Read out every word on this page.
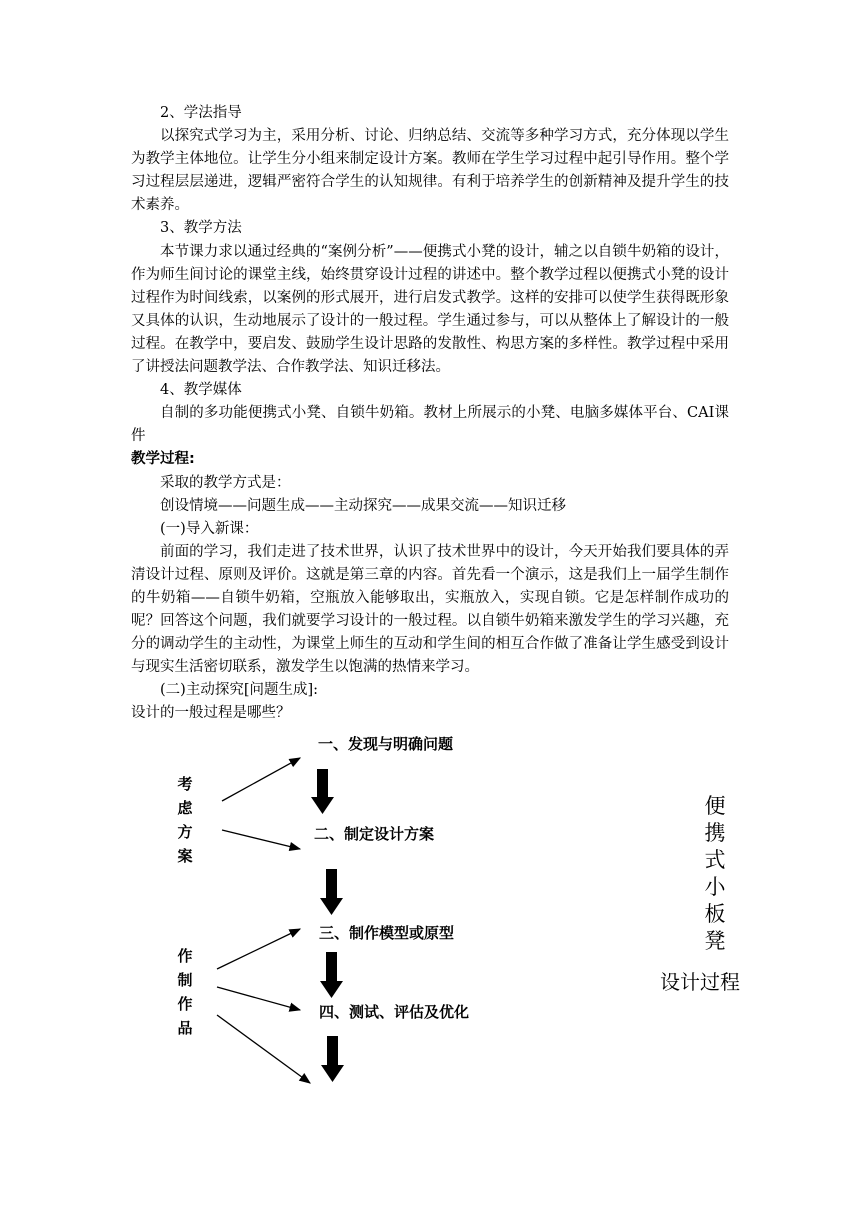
2、学法指导

以探究式学习为主，采用分析、讨论、归纳总结、交流等多种学习方式，充分体现以学生为教学主体地位。让学生分小组来制定设计方案。教师在学生学习过程中起引导作用。整个学习过程层层递进，逻辑严密符合学生的认知规律。有利于培养学生的创新精神及提升学生的技术素养。

3、教学方法

本节课力求以通过经典的“案例分析”——便携式小凳的设计，辅之以自锁牛奶箱的设计，作为师生间讨论的课堂主线，始终贯穿设计过程的讲述中。整个教学过程以便携式小凳的设计过程作为时间线索，以案例的形式展开，进行启发式教学。这样的安排可以使学生获得既形象又具体的认识，生动地展示了设计的一般过程。学生通过参与，可以从整体上了解设计的一般过程。在教学中，要启发、鼓励学生设计思路的发散性、构思方案的多样性。教学过程中采用了讲授法问题教学法、合作教学法、知识迁移法。

4、教学媒体

自制的多功能便携式小凳、自锁牛奶箱。教材上所展示的小凳、电脑多媒体平台、CAI课件

教学过程:

采取的教学方式是：

创设情境——问题生成——主动探究——成果交流——知识迁移

(一)导入新课：

前面的学习，我们走进了技术世界，认识了技术世界中的设计，今天开始我们要具体的弄清设计过程、原则及评价。这就是第三章的内容。首先看一个演示，这是我们上一届学生制作的牛奶箱——自锁牛奶箱，空瓶放入能够取出，实瓶放入，实现自锁。它是怎样制作成功的呢？回答这个问题，我们就要学习设计的一般过程。以自锁牛奶箱来激发学生的学习兴趣，充分的调动学生的主动性，为课堂上师生的互动和学生间的相互合作做了准备让学生感受到设计与现实生活密切联系，激发学生以饱满的热情来学习。

(二)主动探究[问题生成]:

设计的一般过程是哪些？

一、发现与明确问题
二、制定设计方案
三、制作模型或原型
四、测试、评估及优化
考虑方案
作制作品
便携式小板凳
设计过程
